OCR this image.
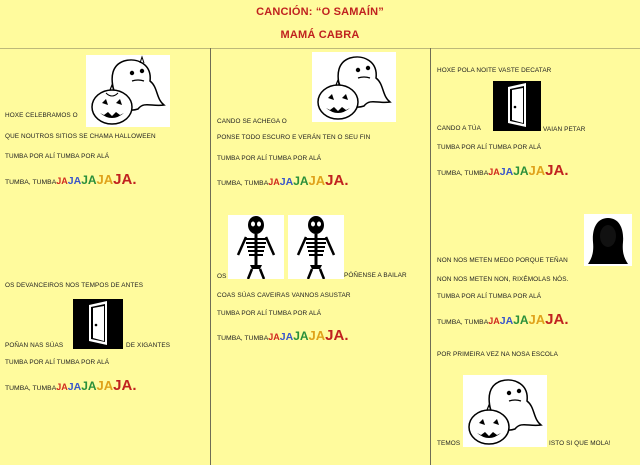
CANCIÓN: “O SAMAÍN”
MAMÁ CABRA
HOXE CELEBRAMOS O
QUE NOUTROS SITIOS SE CHAMA HALLOWEEN
TUMBA POR ALÍ TUMBA POR ALÁ
TUMBA, TUMBAJAJAJAJAJA.
OS DEVANCEIROS NOS TEMPOS DE ANTES
POÑAN NAS SÚAS	DE XIGANTES
TUMBA POR ALÍ TUMBA POR ALÁ
TUMBA, TUMBAJAJAJAJAJA.
CANDO SE ACHEGA O
PONSE TODO ESCURO E VERÁN TEN O SEU FIN
TUMBA POR ALÍ TUMBA POR ALÁ
TUMBA, TUMBAJAJAJAJAJA.
OS	PÓÑENSE A BAILAR
COAS SÚAS CAVEIRAS VANNOS ASUSTAR
TUMBA POR ALÍ TUMBA POR ALÁ
TUMBA, TUMBAJAJAJAJAJA.
HOXE POLA NOITE VASTE DECATAR
CANDO A TÚA	VAIAN PETAR
TUMBA POR ALÍ TUMBA POR ALÁ
TUMBA, TUMBAJAJAJAJAJA.
NON NOS METEN MEDO PORQUE TEÑAN
NON NOS METEN NON, RIXÉMOLAS NÓS.
TUMBA POR ALÍ TUMBA POR ALÁ
TUMBA, TUMBAJAJAJAJAJA.
POR PRIMEIRA VEZ NA NOSA ESCOLA
TEMOS	ISTO SI QUE MOLA!
